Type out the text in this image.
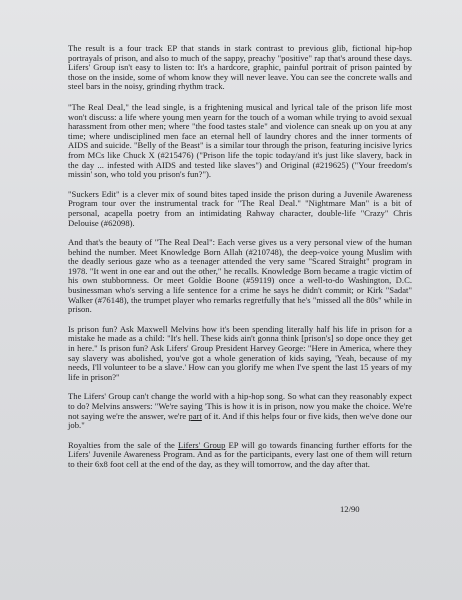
The result is a four track EP that stands in stark contrast to previous glib, fictional hip-hop portrayals of prison, and also to much of the sappy, preachy "positive" rap that's around these days. Lifers' Group isn't easy to listen to: It's a hardcore, graphic, painful portrait of prison painted by those on the inside, some of whom know they will never leave. You can see the concrete walls and steel bars in the noisy, grinding rhythm track.

"The Real Deal," the lead single, is a frightening musical and lyrical tale of the prison life most won't discuss: a life where young men yearn for the touch of a woman while trying to avoid sexual harassment from other men; where "the food tastes stale" and violence can sneak up on you at any time; where undisciplined men face an eternal hell of laundry chores and the inner torments of AIDS and suicide. "Belly of the Beast" is a similar tour through the prison, featuring incisive lyrics from MCs like Chuck X (#215476) ("Prison life the topic today/and it's just like slavery, back in the day ... infested with AIDS and tested like slaves") and Original (#219625) ("Your freedom's missin' son, who told you prison's fun?").

"Suckers Edit" is a clever mix of sound bites taped inside the prison during a Juvenile Awareness Program tour over the instrumental track for "The Real Deal." "Nightmare Man" is a bit of personal, acapella poetry from an intimidating Rahway character, double-life "Crazy" Chris Delouise (#62098).

And that's the beauty of "The Real Deal": Each verse gives us a very personal view of the human behind the number. Meet Knowledge Born Allah (#210748), the deep-voice young Muslim with the deadly serious gaze who as a teenager attended the very same "Scared Straight" program in 1978. "It went in one ear and out the other," he recalls. Knowledge Born became a tragic victim of his own stubbornness. Or meet Goldie Boone (#59119) once a well-to-do Washington, D.C. businessman who's serving a life sentence for a crime he says he didn't commit; or Kirk "Sadat" Walker (#76148), the trumpet player who remarks regretfully that he's "missed all the 80s" while in prison.

Is prison fun? Ask Maxwell Melvins how it's been spending literally half his life in prison for a mistake he made as a child: "It's hell. These kids ain't gonna think [prison's] so dope once they get in here." Is prison fun? Ask Lifers' Group President Harvey George: "Here in America, where they say slavery was abolished, you've got a whole generation of kids saying, 'Yeah, because of my needs, I'll volunteer to be a slave.' How can you glorify me when I've spent the last 15 years of my life in prison?"

The Lifers' Group can't change the world with a hip-hop song. So what can they reasonably expect to do? Melvins answers: "We're saying 'This is how it is in prison, now you make the choice. We're not saying we're the answer, we're part of it. And if this helps four or five kids, then we've done our job."

Royalties from the sale of the Lifers' Group EP will go towards financing further efforts for the Lifers' Juvenile Awareness Program. And as for the participants, every last one of them will return to their 6x8 foot cell at the end of the day, as they will tomorrow, and the day after that.

12/90
